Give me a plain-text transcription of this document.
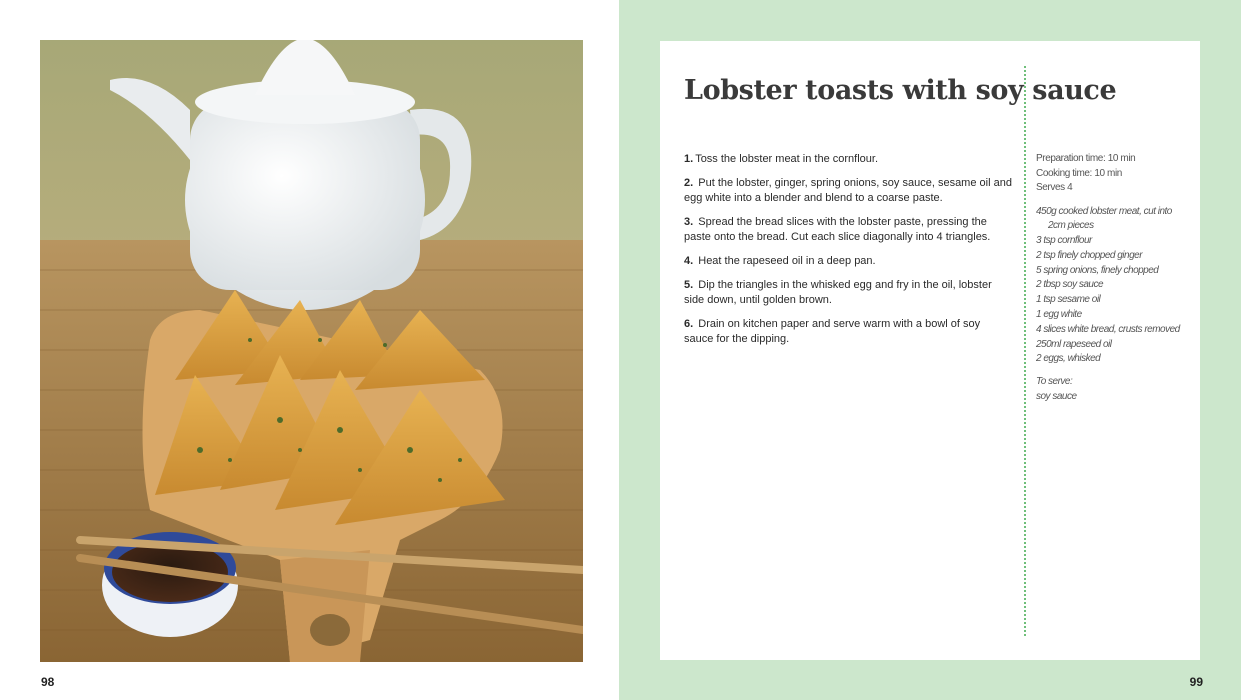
98
Lobster toasts with soy sauce
1. Toss the lobster meat in the cornflour.
2. Put the lobster, ginger, spring onions, soy sauce, sesame oil and egg white into a blender and blend to a coarse paste.
3. Spread the bread slices with the lobster paste, pressing the paste onto the bread. Cut each slice diagonally into 4 triangles.
4. Heat the rapeseed oil in a deep pan.
5. Dip the triangles in the whisked egg and fry in the oil, lobster side down, until golden brown.
6. Drain on kitchen paper and serve warm with a bowl of soy sauce for the dipping.
Preparation time: 10 min
Cooking time: 10 min
Serves 4
450g cooked lobster meat, cut into
2cm pieces
3 tsp cornflour
2 tsp finely chopped ginger
5 spring onions, finely chopped
2 tbsp soy sauce
1 tsp sesame oil
1 egg white
4 slices white bread, crusts removed
250ml rapeseed oil
2 eggs, whisked
To serve:
soy sauce
99
